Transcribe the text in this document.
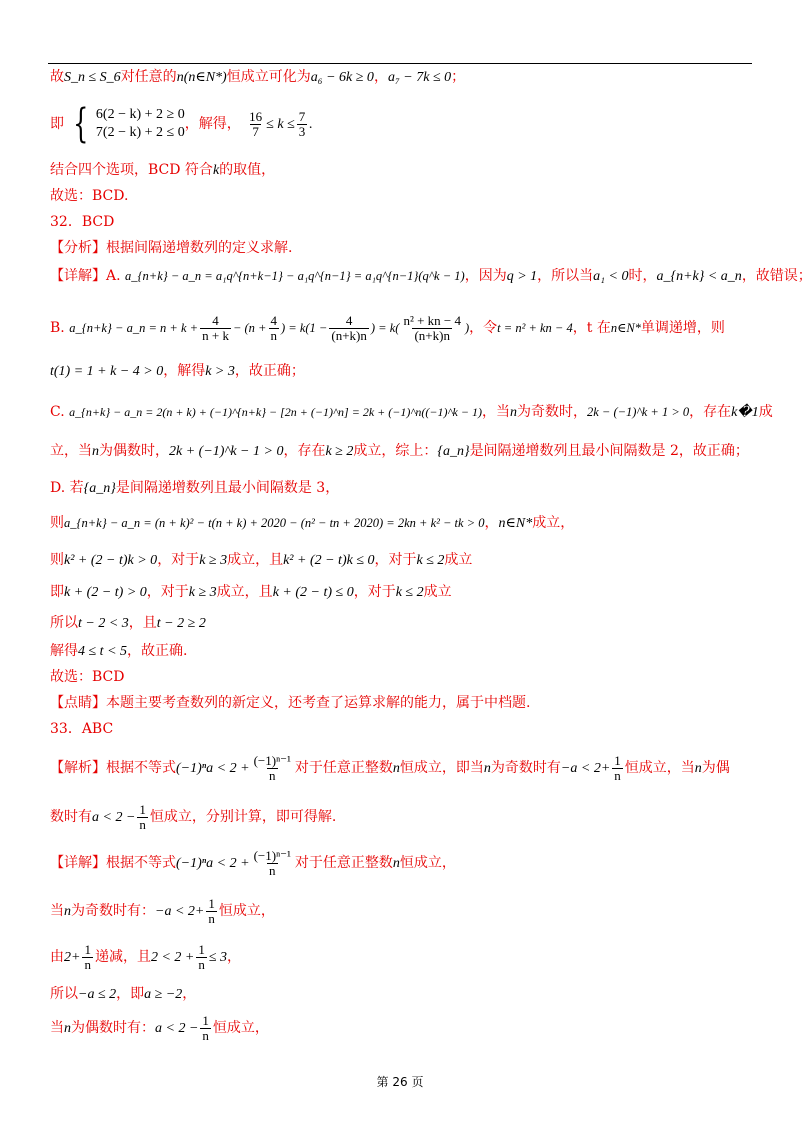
故S_n ≤ S_6对任意的n(n∈N*)恒成立可化为a₆ − 6k ≥ 0，a₇ − 7k ≤ 0；
即 { 6(2 − k) + 2 ≥ 0
7(2 − k) + 2 ≤ 0
，解得， $\frac{16}{7} \le k \le \frac{7}{3}$ .
结合四个选项，BCD 符合k的取值，
故选：BCD.
32．BCD
【分析】根据间隔递增数列的定义求解.
【详解】A. a_{n+k} − a_n = a₁q^{n+k−1} − a₁q^{n−1} = a₁q^{n−1}(q^k − 1)，因为q > 1，所以当a₁ < 0时，a_{n+k} < a_n，故错误；
B. a_{n+k} − a_n = $n + k + \frac{4}{n + k} - (n + \frac{4}{n}$ ) = $k(1 - \frac{4}{(n+k)n}$ ) = $k( \frac{\text{n² + kn − 4}}{(n+k)n}$ )，令t = n² + kn − 4，t 在n∈N*单调递增，则
t(1) = 1 + k − 4 > 0，解得k > 3，故正确；
C. a_{n+k} − a_n = 2(n + k) + (−1)^{n+k} − [2n + (−1)^n] = 2k + (−1)^n((−1)^k − 1)，当n为奇数时，2k − (−1)^k + 1 > 0，存在k�1成
立，当n为偶数时，2k + (−1)^k − 1 > 0，存在k ≥ 2成立，综上：{a_n}是间隔递增数列且最小间隔数是 2，故正确；
D. 若{a_n}是间隔递增数列且最小间隔数是 3，
则a_{n+k} − a_n = (n + k)² − t(n + k) + 2020 − (n² − tn + 2020) = 2kn + k² − tk > 0，n∈N*成立，
则k² + (2 − t)k > 0，对于k ≥ 3成立，且k² + (2 − t)k ≤ 0，对于k ≤ 2成立
即k + (2 − t) > 0，对于k ≥ 3成立，且k + (2 − t) ≤ 0，对于k ≤ 2成立
所以t − 2 < 3，且t − 2 ≥ 2
解得4 ≤ t < 5，故正确.
故选：BCD
【点睛】本题主要考查数列的新定义，还考查了运算求解的能力，属于中档题.
33．ABC
【解析】根据不等式$(-1)^na < 2 + \frac{\text{(−1)ⁿ⁻¹}}{n}$ 对于任意正整数n恒成立，即当n为奇数时有$-a < 2+ \frac{1}{n}$ 恒成立，当n为偶
数时有$a < 2 - \frac{1}{n}$ 恒成立，分别计算，即可得解.
【详解】根据不等式$(-1)^na < 2 + \frac{\text{(−1)ⁿ⁻¹}}{n}$ 对于任意正整数n恒成立，
当n为奇数时有：$-a < 2+ \frac{1}{n}$ 恒成立，
由$2+ \frac{1}{n}$ 递减，且$2 < 2 + \frac{1}{n} \le 3$，
所以−a ≤ 2，即a ≥ −2，
当n为偶数时有：$a < 2 - \frac{1}{n}$ 恒成立，
第 26 页
